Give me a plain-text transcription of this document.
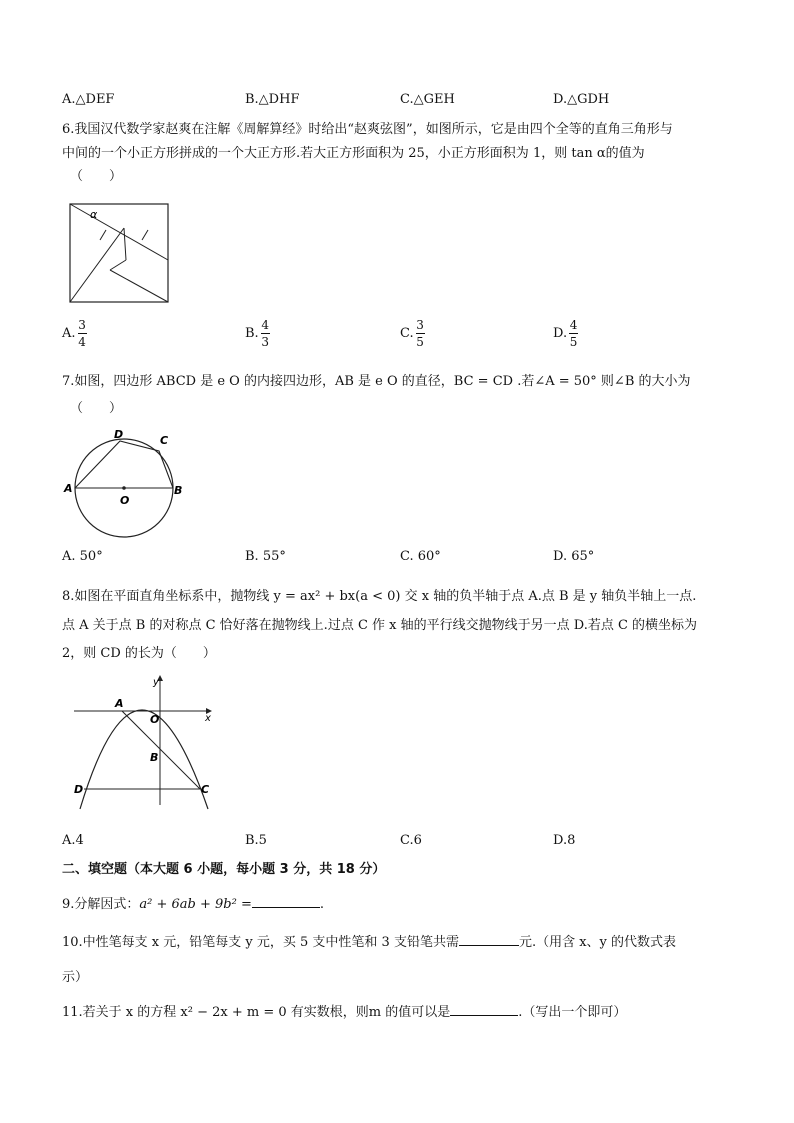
A.△DEF	B.△DHF	C.△GEH	D.△GDH
6.我国汉代数学家赵爽在注解《周解算经》时给出“赵爽弦图”，如图所示，它是由四个全等的直角三角形与
中间的一个小正方形拼成的一个大正方形.若大正方形面积为 25，小正方形面积为 1，则 tan α的值为
（　　）
α
A. $\frac{3}{4}$	B. $\frac{4}{3}$	C. $\frac{3}{5}$	D. $\frac{4}{5}$
7.如图，四边形 ABCD 是 e O 的内接四边形，AB 是 e O 的直径，BC = CD .若∠A = 50° 则∠B 的大小为
（　　）
A	B
C
D
O
A. 50°	B. 55°	C. 60°	D. 65°
8.如图在平面直角坐标系中，抛物线 y = ax² + bx(a < 0) 交 x 轴的负半轴于点 A.点 B 是 y 轴负半轴上一点.
点 A 关于点 B 的对称点 C 恰好落在抛物线上.过点 C 作 x 轴的平行线交抛物线于另一点 D.若点 C 的横坐标为
2，则 CD 的长为（　　）
A
O
B
C
D
x
y
A.4	B.5	C.6	D.8
二、填空题（本大题 6 小题，每小题 3 分，共 18 分）
9.分解因式：a² + 6ab + 9b² =	.
10.中性笔每支 x 元，铅笔每支 y 元，买 5 支中性笔和 3 支铅笔共需	元.（用含 x、y 的代数式表
示）
11.若关于 x 的方程 x² − 2x + m = 0 有实数根，则m 的值可以是	.（写出一个即可）
